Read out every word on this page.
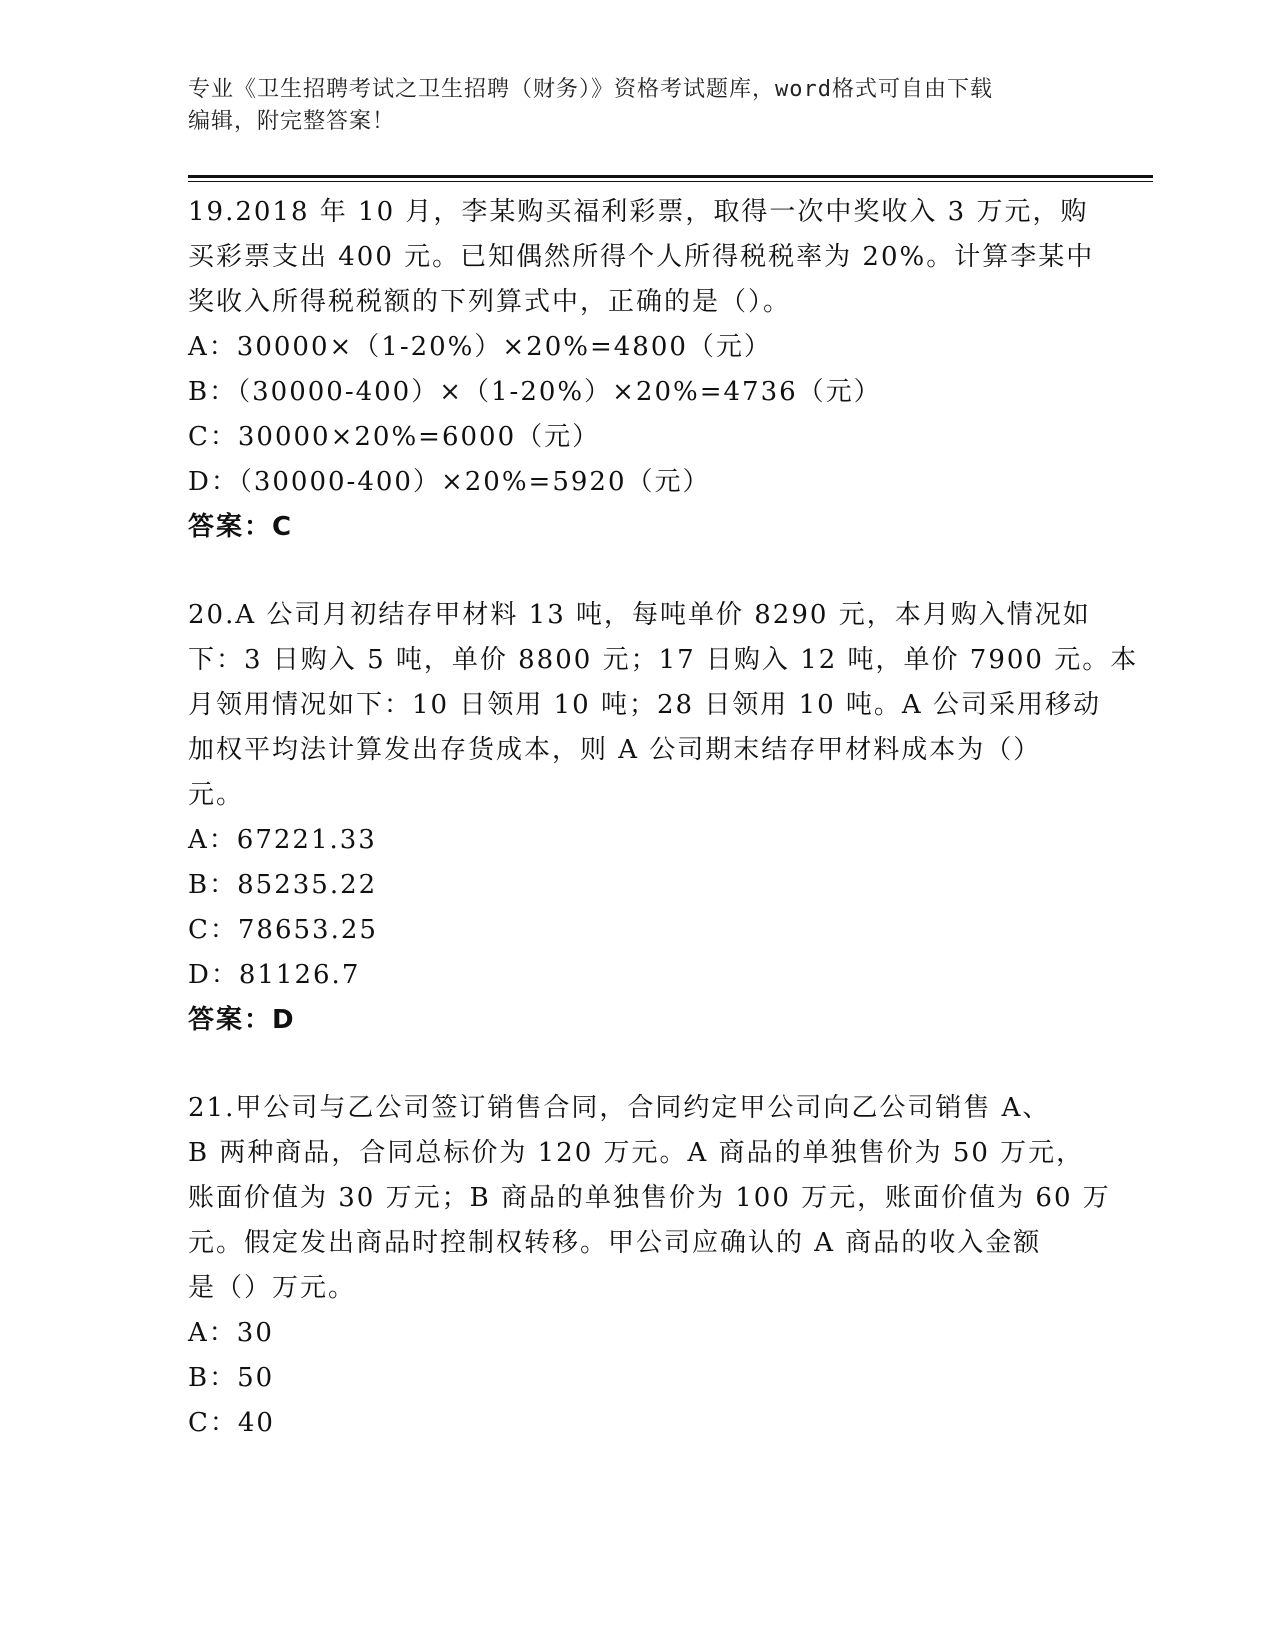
专业《卫生招聘考试之卫生招聘（财务）》资格考试题库，word格式可自由下载
编辑，附完整答案！
19.2018 年 10 月，李某购买福利彩票，取得一次中奖收入 3 万元，购
买彩票支出 400 元。已知偶然所得个人所得税税率为 20%。计算李某中
奖收入所得税税额的下列算式中，正确的是（）。
A：30000×（1-20%）×20%=4800（元）
B：（30000-400）×（1-20%）×20%=4736（元）
C：30000×20%=6000（元）
D：（30000-400）×20%=5920（元）
答案：C
20.A 公司月初结存甲材料 13 吨，每吨单价 8290 元，本月购入情况如
下：3 日购入 5 吨，单价 8800 元；17 日购入 12 吨，单价 7900 元。本
月领用情况如下：10 日领用 10 吨；28 日领用 10 吨。A 公司采用移动
加权平均法计算发出存货成本，则 A 公司期末结存甲材料成本为（）
元。
A：67221.33
B：85235.22
C：78653.25
D：81126.7
答案：D
21.甲公司与乙公司签订销售合同，合同约定甲公司向乙公司销售 A、
B 两种商品，合同总标价为 120 万元。A 商品的单独售价为 50 万元，
账面价值为 30 万元；B 商品的单独售价为 100 万元，账面价值为 60 万
元。假定发出商品时控制权转移。甲公司应确认的 A 商品的收入金额
是（）万元。
A：30
B：50
C：40
